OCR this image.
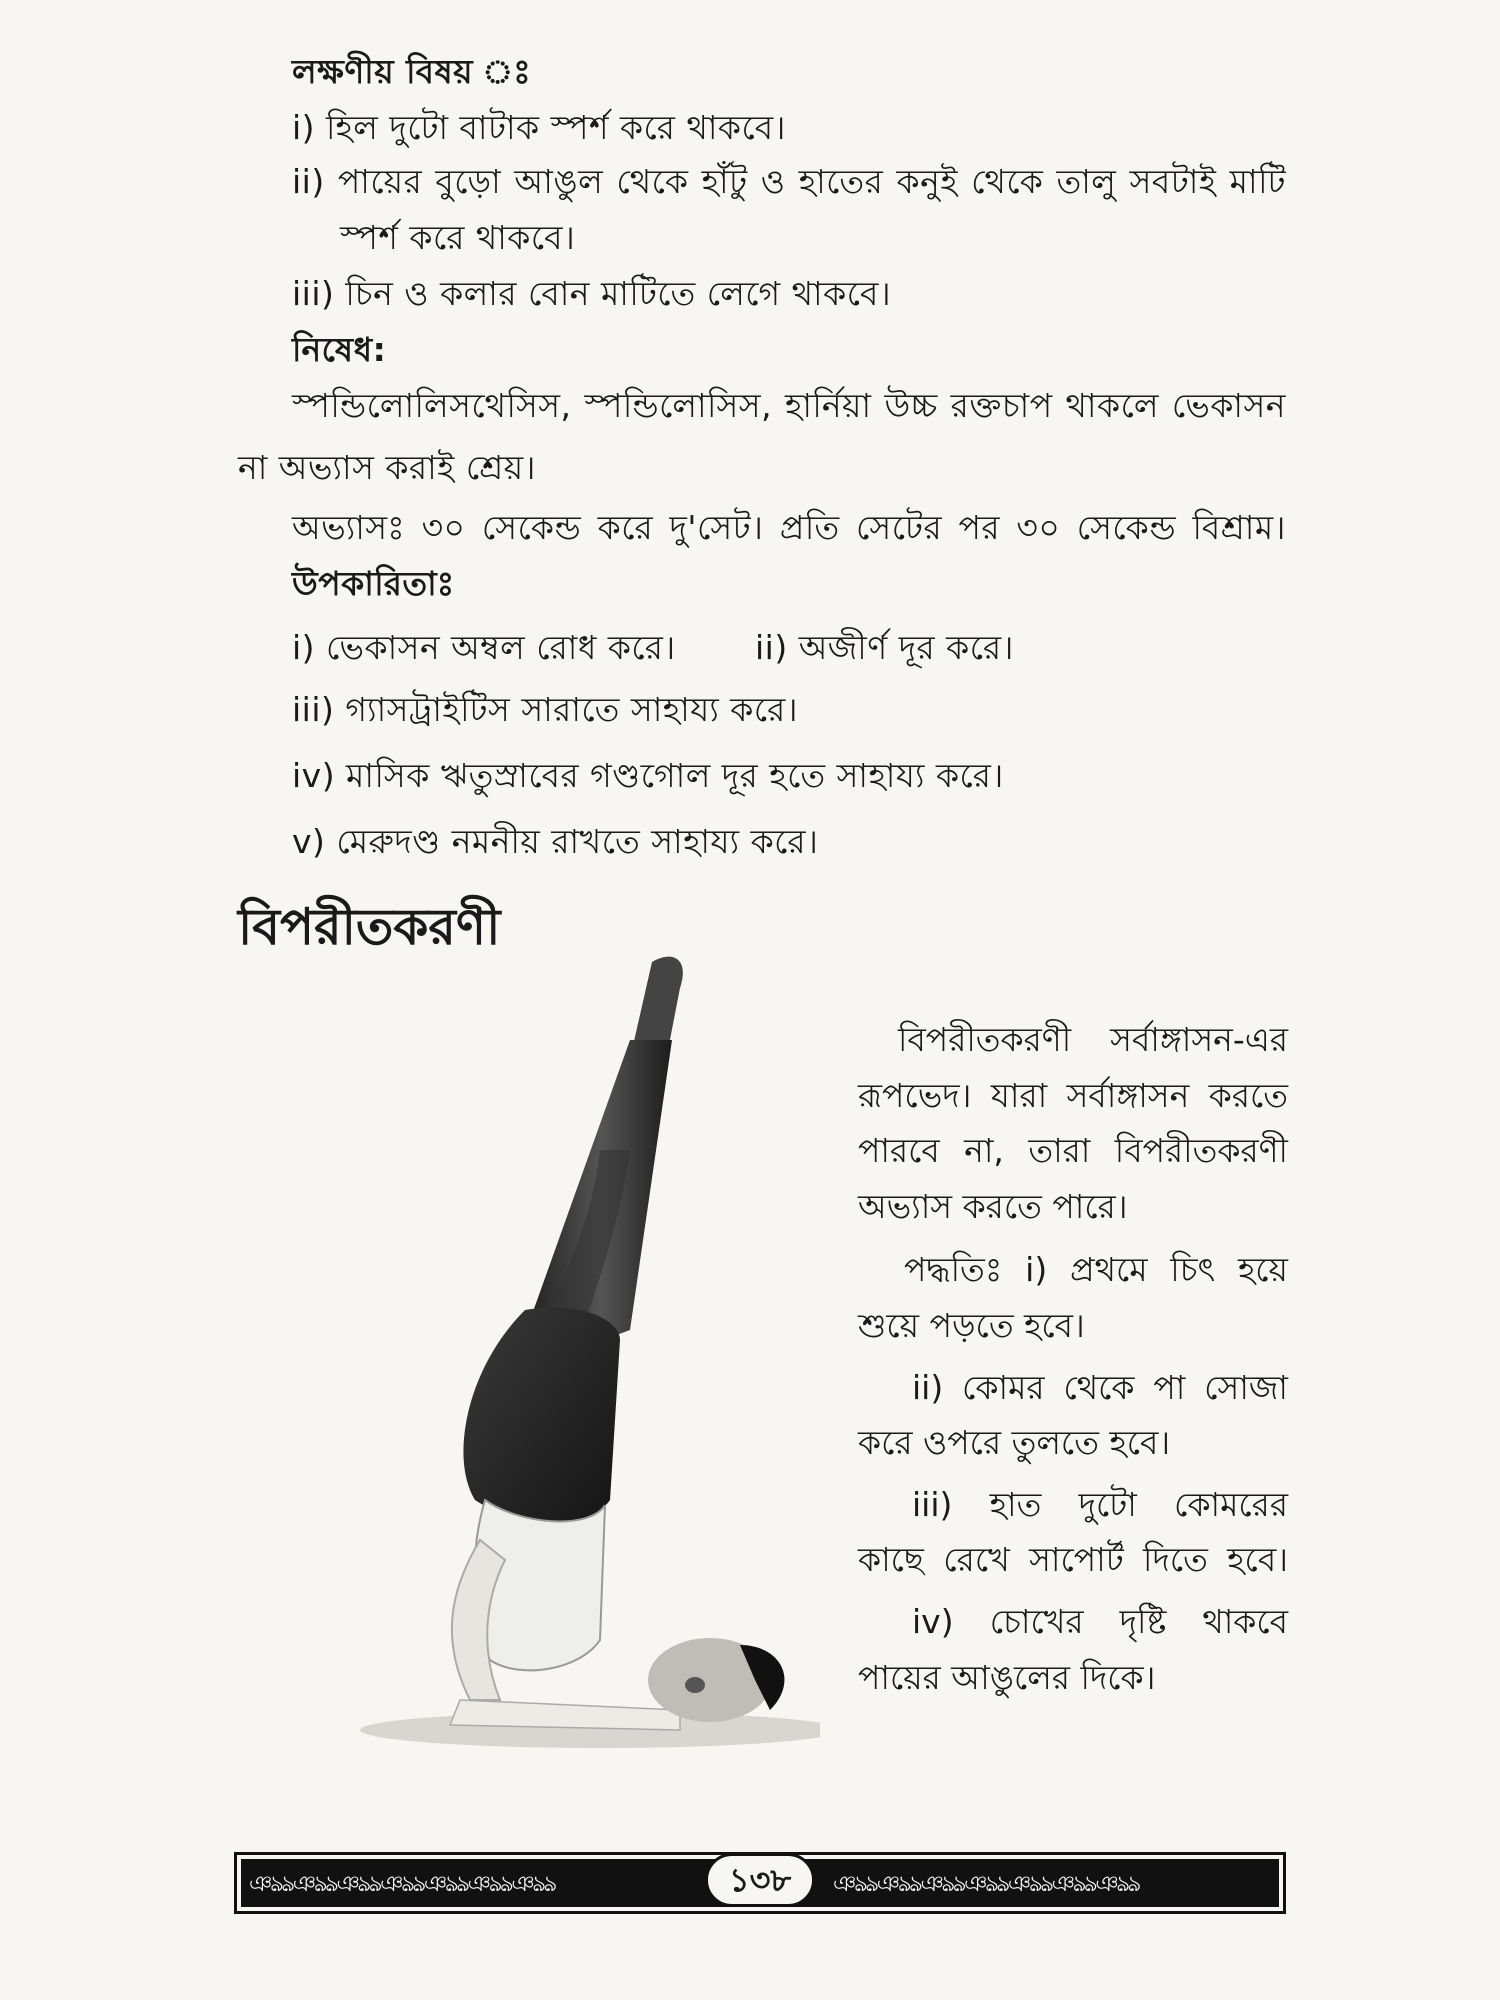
লক্ষণীয় বিষয় ঃ
i) হিল দুটো বাটাক স্পর্শ করে থাকবে।
ii) পায়ের বুড়ো আঙুল থেকে হাঁটু ও হাতের কনুই থেকে তালু সবটাই মাটি
স্পর্শ করে থাকবে।
iii) চিন ও কলার বোন মাটিতে লেগে থাকবে।
নিষেধ:
স্পন্ডিলোলিসথেসিস, স্পন্ডিলোসিস, হার্নিয়া উচ্চ রক্তচাপ থাকলে ভেকাসন
না অভ্যাস করাই শ্রেয়।
অভ্যাসঃ ৩০ সেকেন্ড করে দু'সেট। প্রতি সেটের পর ৩০ সেকেন্ড বিশ্রাম।
উপকারিতাঃ
i) ভেকাসন অম্বল রোধ করে। ii) অজীর্ণ দূর করে।
iii) গ্যাসট্রাইটিস সারাতে সাহায্য করে।
iv) মাসিক ঋতুস্রাবের গণ্ডগোল দূর হতে সাহায্য করে।
v) মেরুদণ্ড নমনীয় রাখতে সাহায্য করে।
বিপরীতকরণী
বিপরীতকরণী সর্বাঙ্গাসন-এর
রূপভেদ। যারা সর্বাঙ্গাসন করতে
পারবে না, তারা বিপরীতকরণী
অভ্যাস করতে পারে।
পদ্ধতিঃ i) প্রথমে চিৎ হয়ে
শুয়ে পড়তে হবে।
ii) কোমর থেকে পা সোজা
করে ওপরে তুলতে হবে।
iii) হাত দুটো কোমরের
কাছে রেখে সাপোর্ট দিতে হবে।
iv) চোখের দৃষ্টি থাকবে
পায়ের আঙুলের দিকে।
ঞঌঌঞঌঌঞঌঌঞঌঌঞঌঌঞঌঌঞঌঌ	ঞঌঌঞঌঌঞঌঌঞঌঌঞঌঌঞঌঌঞঌঌ
১৩৮
